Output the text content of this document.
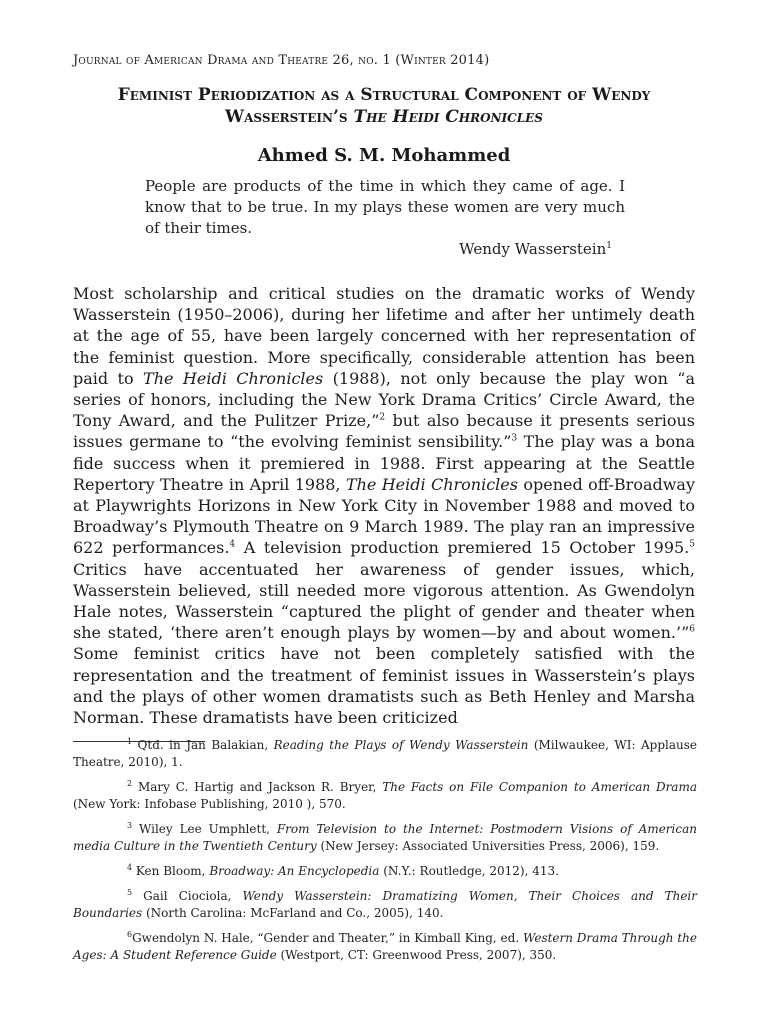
Journal of American Drama and Theatre 26, no. 1 (Winter 2014)
Feminist Periodization as a Structural Component of Wendy Wasserstein’s The Heidi Chronicles
Ahmed S. M. Mohammed
People are products of the time in which they came of age. I know that to be true. In my plays these women are very much of their times.
Wendy Wasserstein$^1$

Most scholarship and critical studies on the dramatic works of Wendy Wasserstein (1950–2006), during her lifetime and after her untimely death at the age of 55, have been largely concerned with her representation of the feminist question. More specifically, considerable attention has been paid to The Heidi Chronicles (1988), not only because the play won “a series of honors, including the New York Drama Critics’ Circle Award, the Tony Award, and the Pulitzer Prize,”$^2$ but also because it presents serious issues germane to “the evolving feminist sensibility.”$^3$ The play was a bona fide success when it premiered in 1988. First appearing at the Seattle Repertory Theatre in April 1988, The Heidi Chronicles opened off-Broadway at Playwrights Horizons in New York City in November 1988 and moved to Broadway’s Plymouth Theatre on 9 March 1989. The play ran an impressive 622 performances.$^4$ A television production premiered 15 October 1995.$^5$ Critics have accentuated her awareness of gender issues, which, Wasserstein believed, still needed more vigorous attention. As Gwendolyn Hale notes, Wasserstein “captured the plight of gender and theater when she stated, ‘there aren’t enough plays by women—by and about women.’”$^6$ Some feminist critics have not been completely satisfied with the representation and the treatment of feminist issues in Wasserstein’s plays and the plays of other women dramatists such as Beth Henley and Marsha Norman. These dramatists have been criticized

$^1$ Qtd. in Jan Balakian, Reading the Plays of Wendy Wasserstein (Milwaukee, WI: Applause Theatre, 2010), 1.

$^2$ Mary C. Hartig and Jackson R. Bryer, The Facts on File Companion to American Drama (New York: Infobase Publishing, 2010 ), 570.

$^3$ Wiley Lee Umphlett, From Television to the Internet: Postmodern Visions of American media Culture in the Twentieth Century (New Jersey: Associated Universities Press, 2006), 159.

$^4$ Ken Bloom, Broadway: An Encyclopedia (N.Y.: Routledge, 2012), 413.

$^5$ Gail Ciociola, Wendy Wasserstein: Dramatizing Women, Their Choices and Their Boundaries (North Carolina: McFarland and Co., 2005), 140.

$^6$Gwendolyn N. Hale, “Gender and Theater,” in Kimball King, ed. Western Drama Through the Ages: A Student Reference Guide (Westport, CT: Greenwood Press, 2007), 350.
